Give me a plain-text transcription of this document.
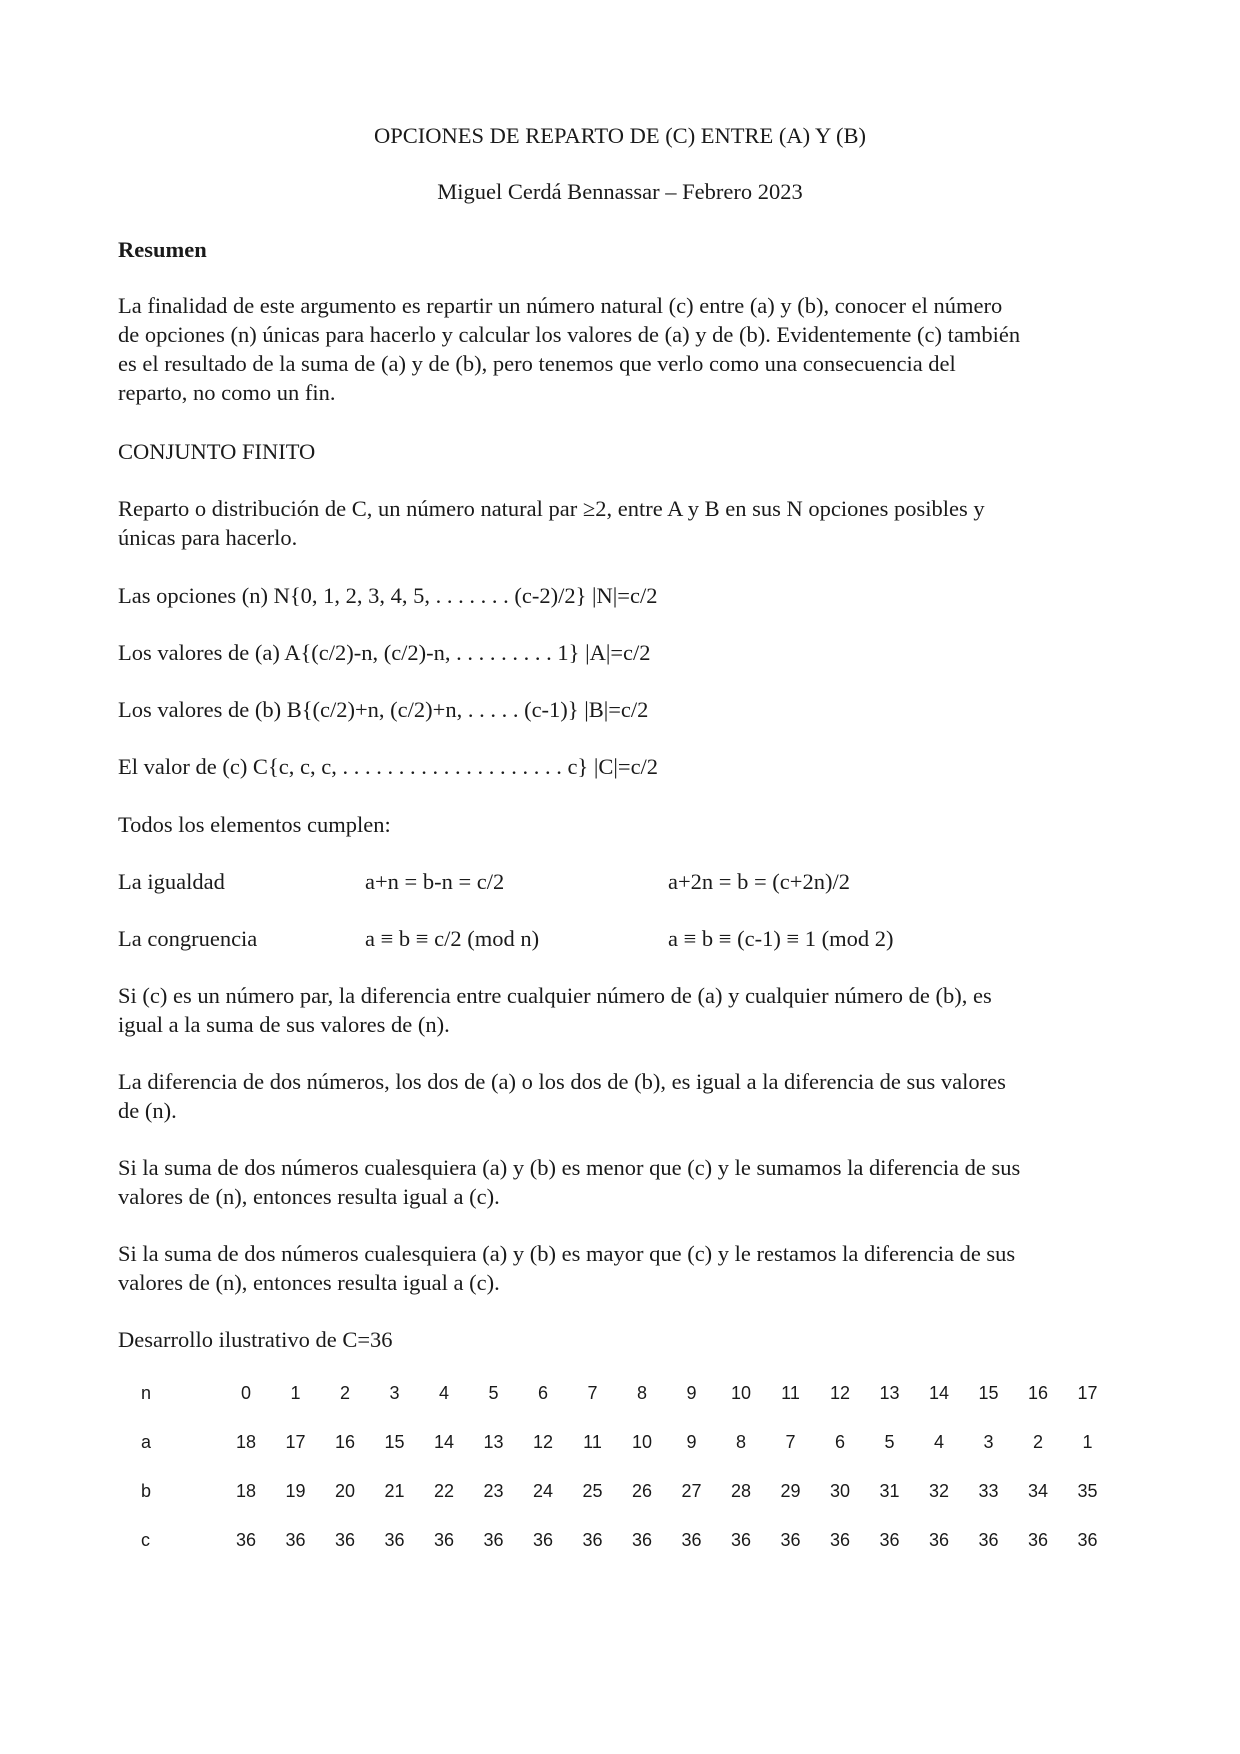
OPCIONES DE REPARTO DE (C) ENTRE (A) Y (B)
Miguel Cerdá Bennassar – Febrero 2023
Resumen
La finalidad de este argumento es repartir un número natural (c) entre (a) y (b), conocer el número
de opciones (n) únicas para hacerlo y calcular los valores de (a) y de (b). Evidentemente (c) también
es el resultado de la suma de (a) y de (b), pero tenemos que verlo como una consecuencia del
reparto, no como un fin.
CONJUNTO FINITO
Reparto o distribución de C, un número natural par ≥2, entre A y B en sus N opciones posibles y
únicas para hacerlo.
Las opciones (n) N{0, 1, 2, 3, 4, 5, . . . . . . . (c-2)/2} |N|=c/2
Los valores de (a) A{(c/2)-n, (c/2)-n, . . . . . . . . . 1} |A|=c/2
Los valores de (b) B{(c/2)+n, (c/2)+n, . . . . . (c-1)} |B|=c/2
El valor de (c) C{c, c, c, . . . . . . . . . . . . . . . . . . . . c} |C|=c/2
Todos los elementos cumplen:
La igualdad	a+n = b-n = c/2	a+2n = b = (c+2n)/2
La congruencia	a ≡ b ≡ c/2 (mod n)	a ≡ b ≡ (c-1) ≡ 1 (mod 2)
Si (c) es un número par, la diferencia entre cualquier número de (a) y cualquier número de (b), es
igual a la suma de sus valores de (n).
La diferencia de dos números, los dos de (a) o los dos de (b), es igual a la diferencia de sus valores
de (n).
Si la suma de dos números cualesquiera (a) y (b) es menor que (c) y le sumamos la diferencia de sus
valores de (n), entonces resulta igual a (c).
Si la suma de dos números cualesquiera (a) y (b) es mayor que (c) y le restamos la diferencia de sus
valores de (n), entonces resulta igual a (c).
Desarrollo ilustrativo de C=36
n	0	1	2	3	4	5	6	7	8	9	10	11	12	13	14	15	16	17
a	18	17	16	15	14	13	12	11	10	9	8	7	6	5	4	3	2	1
b	18	19	20	21	22	23	24	25	26	27	28	29	30	31	32	33	34	35
c	36	36	36	36	36	36	36	36	36	36	36	36	36	36	36	36	36	36
